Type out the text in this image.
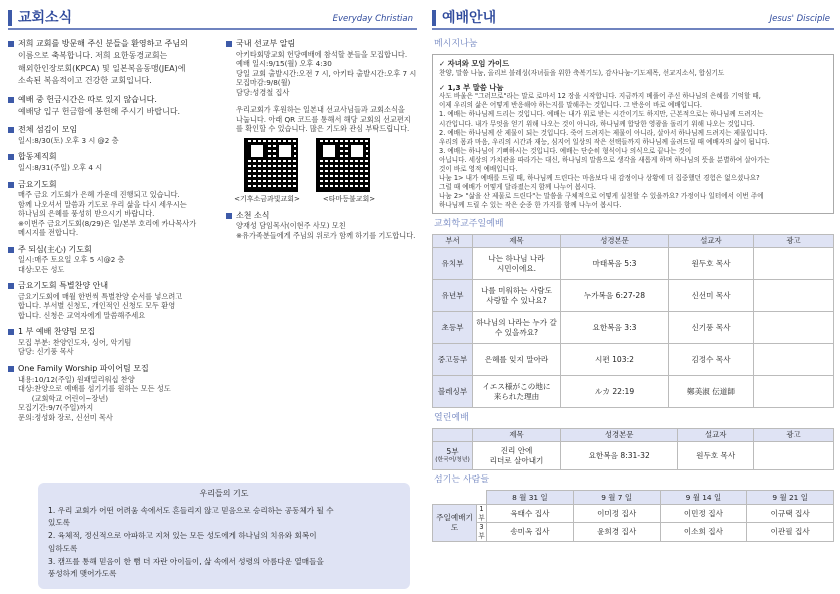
교회소식	Everyday Christian
저희 교회를 방문해 주신 분들을 환영하고 주님의
이름으로 축복합니다. 저희 요한동경교회는
해외한인장로회(KPCA) 및 일본복음동맹(JEA)에
소속된 복음적이고 건강한 교회입니다.
예배 중 헌금시간은 따로 있지 않습니다.
예배당 입구 헌금함에 봉헌해 주시기 바랍니다.
전체 섬김이 모임
일시:8/30(토) 오후 3 시 @2 층
합동제직회
일시:8/31(주일) 오후 4 시
금요기도회
매주 금요 기도회가 은혜 가운데 진행되고 있습니다.
함께 나오셔서 말씀과 기도로 우리 삶을 다시 세우시는
하나님의 은혜를 풍성히 받으시기 바랍니다.
※이번주 금요기도회(8/29)은 일/본부 호리에 카나목사가
메시지를 전합니다.
주 되심(主心) 기도회
일시:매주 토요일 오후 5 시@2 층
대상:모든 성도
금요기도회 특별찬양 안내
금요기도회에 매월 한번씩 특별찬양 순서를 넣으려고
합니다. 부서별 신청도, 개인적인 신청도 모두 환영
합니다. 신청은 교역자에게 말씀해주세요
1 부 예배 찬양팀 모집
모집 부분: 찬양인도자, 싱어, 악기팀
담당: 신기풍 목사
One Family Worship 파이어팀 모집
내용:10/12(주일) 원패밀리워십 찬양
대상:찬양으로 예배를 섬기기를 원하는 모든 성도
(교회학교 어린이~장년)
모집기간:9/7(주일)까지
문의:정성화 장로, 신선미 목사
국내 선교부 알림
아키타회망교회 헌당예배에 참석할 분들을 모집합니다.
예배 일시:9/15(월) 오후 4:30
당일 교회 출발시간:오전 7 시, 아키타 출발시간:오후 7 시
모집마감:9/8(월)
담당:성경철 집사
우리교회가 후원하는 일본내 선교사님들과 교회소식을
나눕니다. 아래 QR 코드를 통해서 해당 교회의 선교편지
를 확인할 수 있습니다. 많은 기도와 관심 부탁드립니다.
<기후소금과빛교회>	<타마등불교회>
소천 소식
양재성 담임목사(이현주 사모) 모친
※유가족분들에게 주님의 위로가 함께 하기를 기도합니다.
우리들의 기도
1. 우리 교회가 어떤 어려움 속에서도 흔들리지 않고 믿음으로 승리하는 공동체가 될 수
있도록
2. 육체적, 정신적으로 아파하고 지쳐 있는 모든 성도에게 하나님의 치유와 회복이
임하도록
3. 캠프를 통해 믿음이 한 뼘 더 자란 아이들이, 삶 속에서 성령의 아름다운 열매들을
풍성하게 맺어가도록
예배안내	Jesus' Disciple
메시지나눔
✓ 자녀와 모임 가이드
찬양, 말씀 나눔, 올리브 블레싱(자녀들을 위한 축복기도), 감사나눔-기도제목, 선교지소식, 합심기도
✓ 1,3 부 말씀 나눔
사도 바울은 "그러므로"라는 말로 로마서 12 장을 시작합니다. 지금까지 베풀어 주신 하나님의 은혜를 기억할 때,
이제 우리의 삶은 어떻게 반응해야 하는지를 말해주는 것입니다. 그 반응이 바로 예배입니다.
1. 예배는 하나님께 드리는 것입니다. 예배는 내가 위로 받는 시간이기도 하지만, 근본적으로는 하나님께 드려지는
시간입니다. 내가 무엇을 얻기 위해 나오는 것이 아니라, 하나님께 합당한 영광을 돌리기 위해 나오는 것입니다.
2. 예배는 하나님께 산 제물이 되는 것입니다. 죽어 드려지는 제물이 아니라, 살아서 하나님께 드려지는 제물입니다.
우리의 몸과 마음, 우리의 시간과 재능, 심지어 일상의 작은 선택들까지 하나님께 올려드릴 때 예배자의 삶이 됩니다.
3. 예배는 하나님이 기뻐하시는 것입니다. 예배는 단순히 형식이나 의식으로 끝나는 것이
아닙니다. 세상의 가치관을 따라가는 대신, 하나님의 말씀으로 생각을 새롭게 하며 하나님의 뜻을 분별하여 살아가는
것이 바로 영적 예배입니다.
나눔 1> 내가 예배를 드릴 때, 하나님께 드린다는 마음보다 내 감정이나 상황에 더 집중했던 경험은 없으셨나요?
그럴 때 예배가 어떻게 달라졌는지 함께 나누어 봅시다.
나눔 2> "삶을 산 제물로 드린다"는 말씀을 구체적으로 어떻게 실천할 수 있을까요? 가정이나 일터에서 이번 주에
하나님께 드릴 수 있는 작은 순종 한 가지를 함께 나누어 봅시다.
교회학교주일예배
부서	제목	성경본문	설교자	광고
유치부	나는 하나님 나라
시민이에요.	마태복음 5:3	원두호 목사	
유년부	나를 미워하는 사람도
사랑할 수 있나요?	누가복음 6:27-28	신선미 목사	
초등부	하나님의 나라는 누가 갈
수 있을까요?	요한복음 3:3	신기풍 목사	
중고등부	은혜를 잊지 말아라	시편 103:2	김정수 목사	
블레싱부	イエス様がこの地に
来られた理由	ルカ 22:19	鄭美淑 伝道師	
열린예배
	제목	성경본문	설교자	광고
5부
(한국어/청년)	진리 안에
리더로 살아내기	요한복음 8:31-32	원두호 목사	
섬기는 사람들
		8 월 31 일	9 월 7 일	9 월 14 일	9 월 21 일
주일예배기도	1부	육태수 집사	이미정 집사	이민정 집사	이규택 집사
	3부	송미옥 집사	윤희경 집사	이소희 집사	이관필 집사
